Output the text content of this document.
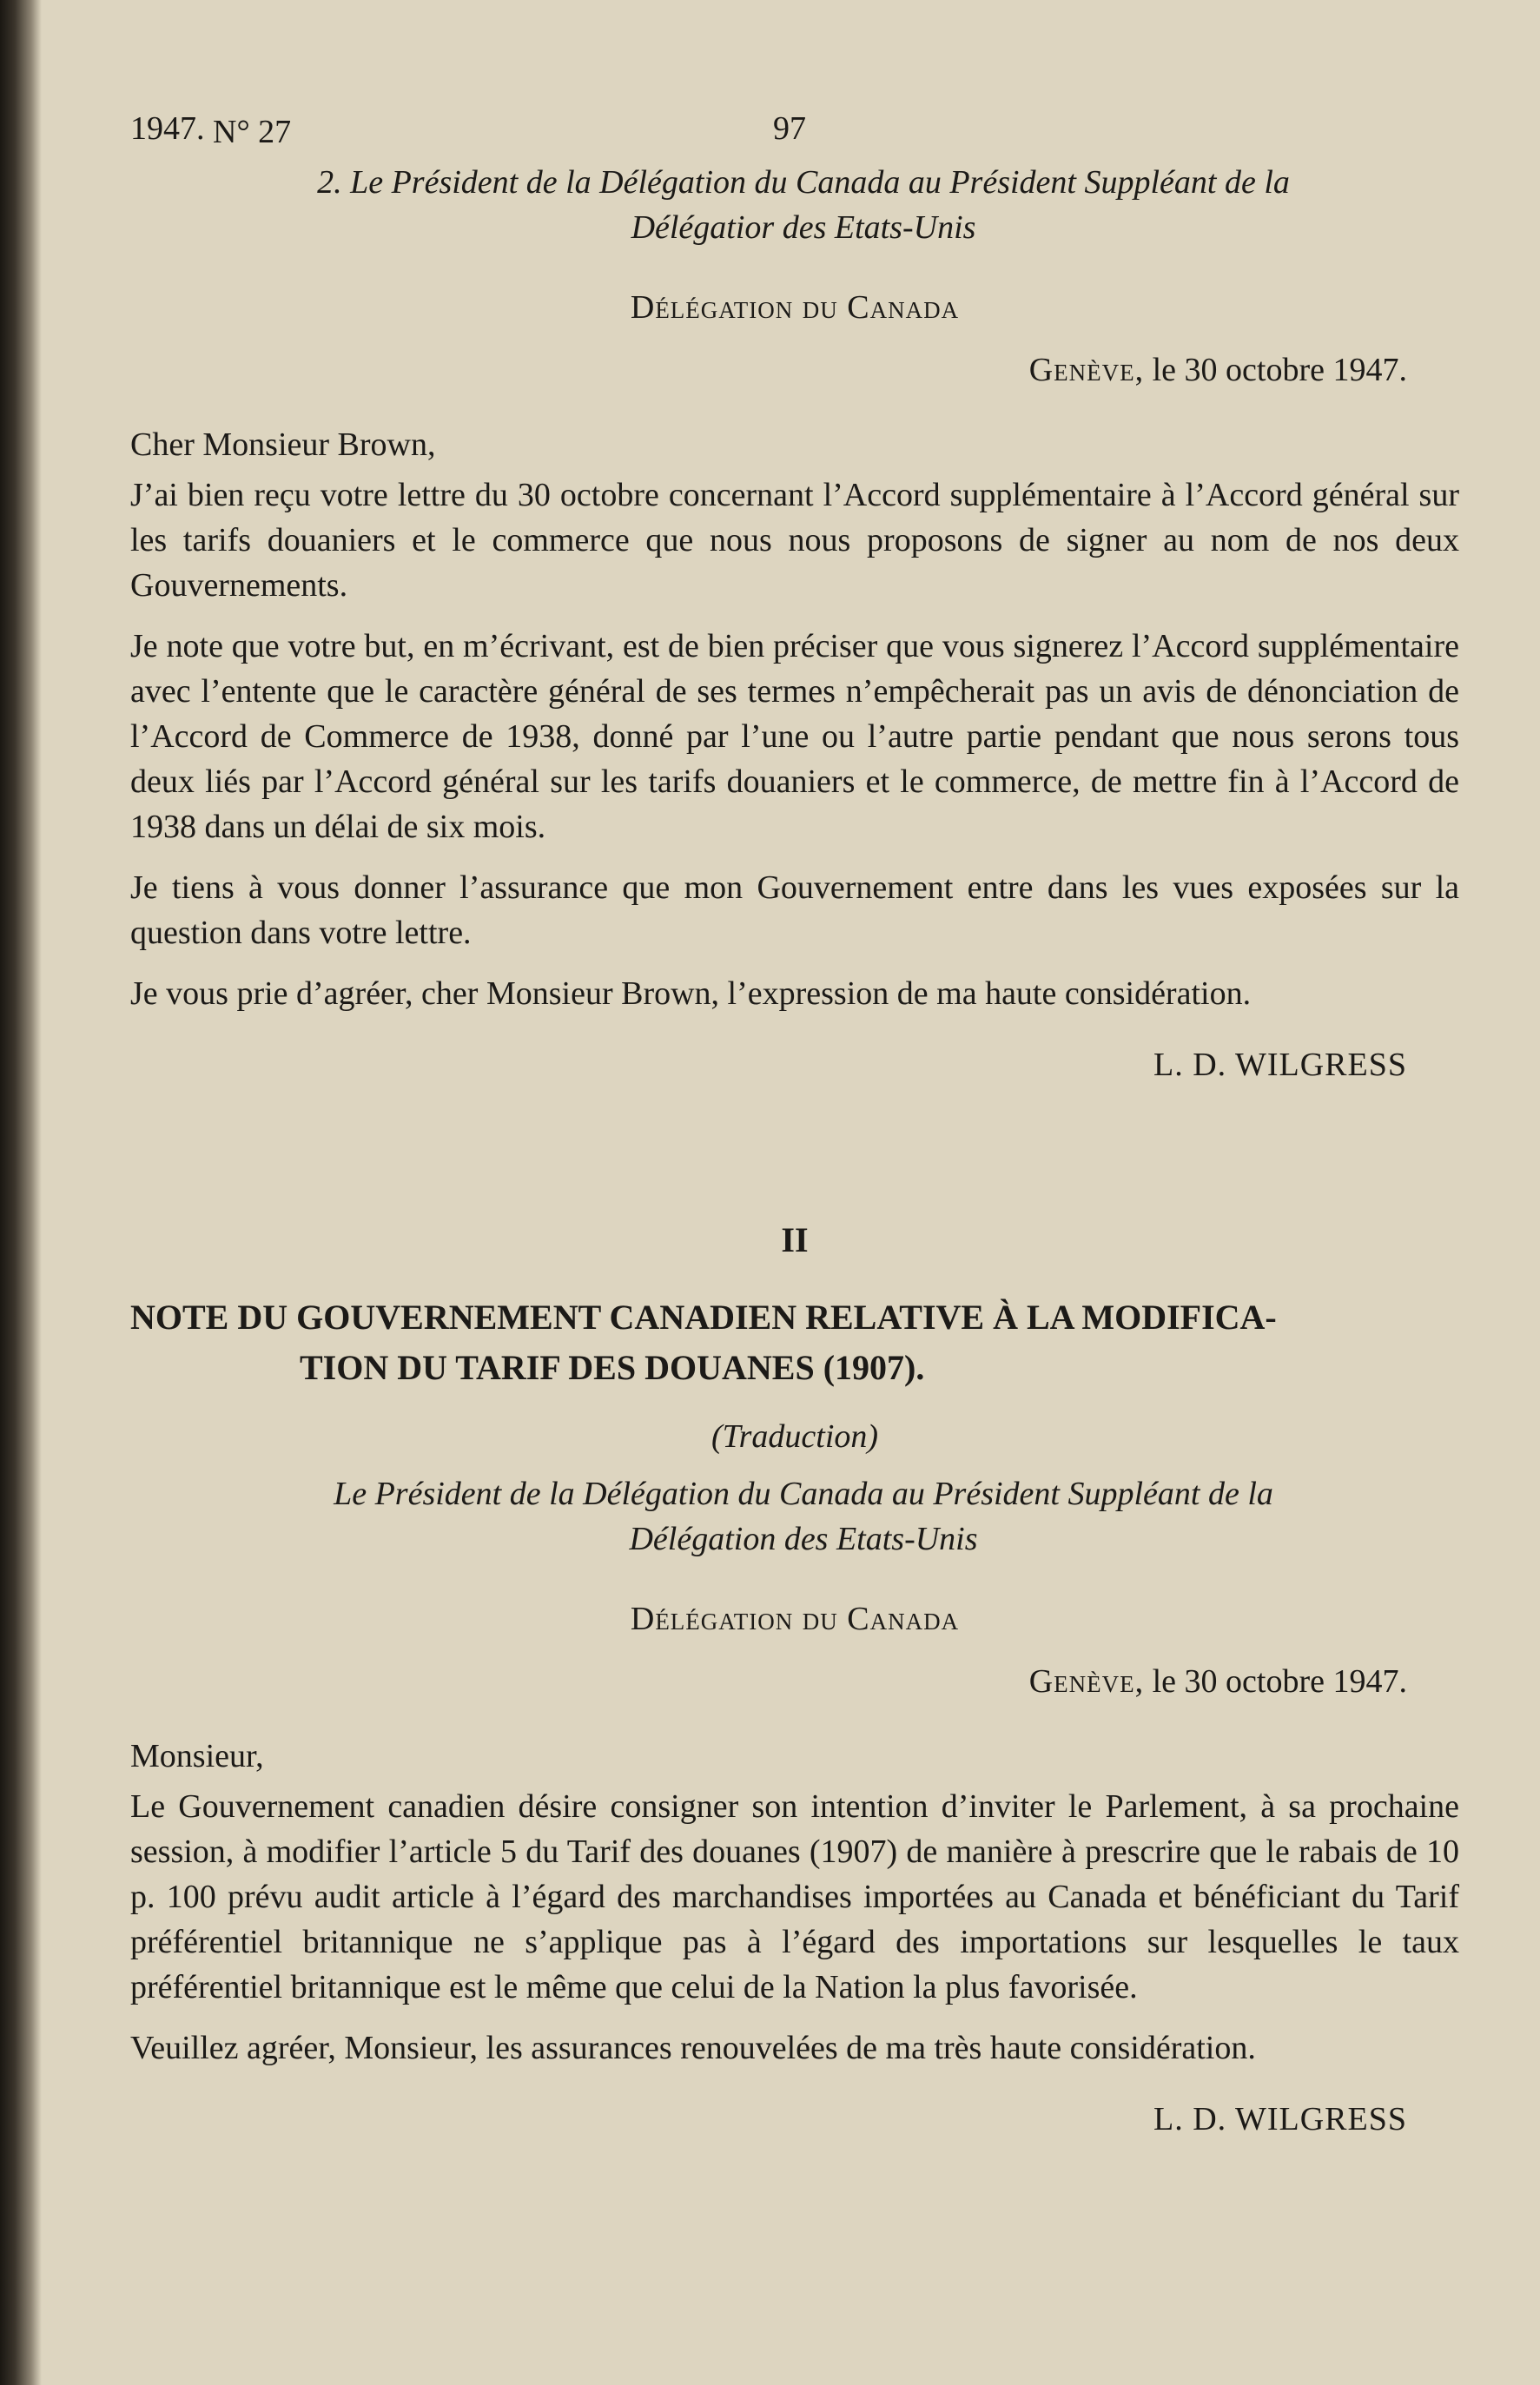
1947. N° 27	97
2. Le Président de la Délégation du Canada au Président Suppléant de la
Délégatior des Etats-Unis
Délégation du Canada
Genève, le 30 octobre 1947.
Cher Monsieur Brown,

J’ai bien reçu votre lettre du 30 octobre concernant l’Accord supplémentaire à l’Accord général sur les tarifs douaniers et le commerce que nous nous proposons de signer au nom de nos deux Gouvernements.

Je note que votre but, en m’écrivant, est de bien préciser que vous signerez l’Accord supplémentaire avec l’entente que le caractère général de ses termes n’empêcherait pas un avis de dénonciation de l’Accord de Commerce de 1938, donné par l’une ou l’autre partie pendant que nous serons tous deux liés par l’Accord général sur les tarifs douaniers et le commerce, de mettre fin à l’Accord de 1938 dans un délai de six mois.

Je tiens à vous donner l’assurance que mon Gouvernement entre dans les vues exposées sur la question dans votre lettre.

Je vous prie d’agréer, cher Monsieur Brown, l’expression de ma haute considération.

L. D. WILGRESS
II
NOTE DU GOUVERNEMENT CANADIEN RELATIVE À LA MODIFICA-
TION DU TARIF DES DOUANES (1907).
(Traduction)
Le Président de la Délégation du Canada au Président Suppléant de la
Délégation des Etats-Unis
Délégation du Canada
Genève, le 30 octobre 1947.
Monsieur,

Le Gouvernement canadien désire consigner son intention d’inviter le Parlement, à sa prochaine session, à modifier l’article 5 du Tarif des douanes (1907) de manière à prescrire que le rabais de 10 p. 100 prévu audit article à l’égard des marchandises importées au Canada et bénéficiant du Tarif préférentiel britannique ne s’applique pas à l’égard des importations sur lesquelles le taux préférentiel britannique est le même que celui de la Nation la plus favorisée.

Veuillez agréer, Monsieur, les assurances renouvelées de ma très haute considération.

L. D. WILGRESS
